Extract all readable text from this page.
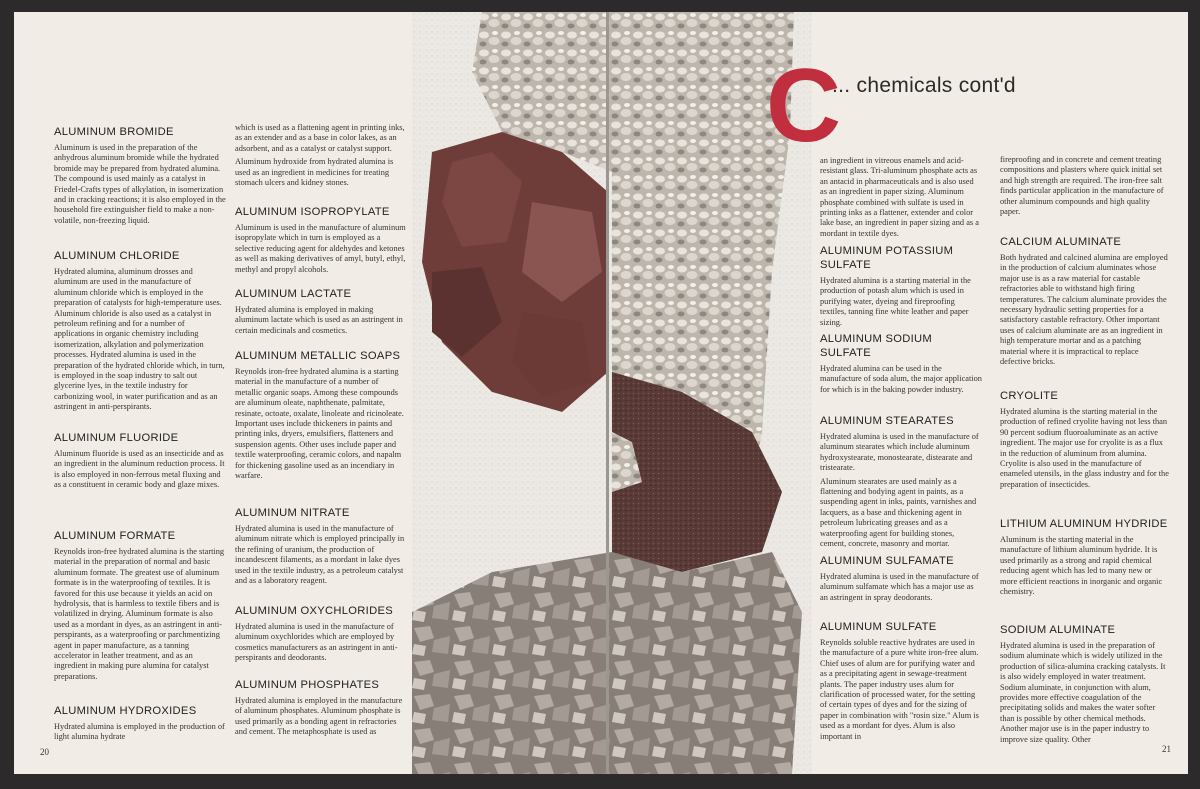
ALUMINUM BROMIDE

Aluminum is used in the preparation of the anhydrous aluminum bromide while the hydrated bromide may be prepared from hydrated alumina. The compound is used mainly as a catalyst in Friedel-Crafts types of alkylation, in isomerization and in cracking reactions; it is also employed in the household fire extinguisher field to make a non-volatile, non-freezing liquid.

ALUMINUM CHLORIDE

Hydrated alumina, aluminum drosses and aluminum are used in the manufacture of aluminum chloride which is employed in the preparation of catalysts for high-temperature uses. Aluminum chloride is also used as a catalyst in petroleum refining and for a number of applications in organic chemistry including isomerization, alkylation and polymerization processes. Hydrated alumina is used in the preparation of the hydrated chloride which, in turn, is employed in the soap industry to salt out glycerine lyes, in the textile industry for carbonizing wool, in water purification and as an astringent in anti-perspirants.

ALUMINUM FLUORIDE

Aluminum fluoride is used as an insecticide and as an ingredient in the aluminum reduction process. It is also employed in non-ferrous metal fluxing and as a constituent in ceramic body and glaze mixes.

ALUMINUM FORMATE

Reynolds iron-free hydrated alumina is the starting material in the preparation of normal and basic aluminum formate. The greatest use of aluminum formate is in the waterproofing of textiles. It is favored for this use because it yields an acid on hydrolysis, that is harmless to textile fibers and is volatilized in drying. Aluminum formate is also used as a mordant in dyes, as an astringent in anti-perspirants, as a waterproofing or parchmentizing agent in paper manufacture, as a tanning accelerator in leather treatment, and as an ingredient in making pure alumina for catalyst preparations.

ALUMINUM HYDROXIDES

Hydrated alumina is employed in the production of light alumina hydrate

which is used as a flattening agent in printing inks, as an extender and as a base in color lakes, as an adsorbent, and as a catalyst or catalyst support.

Aluminum hydroxide from hydrated alumina is used as an ingredient in medicines for treating stomach ulcers and kidney stones.

ALUMINUM ISOPROPYLATE

Aluminum is used in the manufacture of aluminum isopropylate which in turn is employed as a selective reducing agent for aldehydes and ketones as well as making derivatives of amyl, butyl, ethyl, methyl and propyl alcohols.

ALUMINUM LACTATE

Hydrated alumina is employed in making aluminum lactate which is used as an astringent in certain medicinals and cosmetics.

ALUMINUM METALLIC SOAPS

Reynolds iron-free hydrated alumina is a starting material in the manufacture of a number of metallic organic soaps. Among these compounds are aluminum oleate, naphthenate, palmitate, resinate, octoate, oxalate, linoleate and ricinoleate. Important uses include thickeners in paints and printing inks, dryers, emulsifiers, flatteners and suspension agents. Other uses include paper and textile waterproofing, ceramic colors, and napalm for thickening gasoline used as an incendiary in warfare.

ALUMINUM NITRATE

Hydrated alumina is used in the manufacture of aluminum nitrate which is employed principally in the refining of uranium, the production of incandescent filaments, as a mordant in lake dyes used in the textile industry, as a petroleum catalyst and as a laboratory reagent.

ALUMINUM OXYCHLORIDES

Hydrated alumina is used in the manufacture of aluminum oxychlorides which are employed by cosmetics manufacturers as an astringent in anti-perspirants and deodorants.

ALUMINUM PHOSPHATES

Hydrated alumina is employed in the manufacture of aluminum phosphates. Aluminum phosphate is used primarily as a bonding agent in refractories and cement. The metaphosphate is used as

20
C
... chemicals cont'd

an ingredient in vitreous enamels and acid-resistant glass. Tri-aluminum phosphate acts as an antacid in pharmaceuticals and is also used as an ingredient in paper sizing. Aluminum phosphate combined with sulfate is used in printing inks as a flattener, extender and color lake base, an ingredient in paper sizing and as a mordant in textile dyes.

ALUMINUM POTASSIUM SULFATE

Hydrated alumina is a starting material in the production of potash alum which is used in purifying water, dyeing and fireproofing textiles, tanning fine white leather and paper sizing.

ALUMINUM SODIUM SULFATE

Hydrated alumina can be used in the manufacture of soda alum, the major application for which is in the baking powder industry.

ALUMINUM STEARATES

Hydrated alumina is used in the manufacture of aluminum stearates which include aluminum hydroxystearate, monostearate, distearate and tristearate.

Aluminum stearates are used mainly as a flattening and bodying agent in paints, as a suspending agent in inks, paints, varnishes and lacquers, as a base and thickening agent in petroleum lubricating greases and as a waterproofing agent for building stones, cement, concrete, masonry and mortar.

ALUMINUM SULFAMATE

Hydrated alumina is used in the manufacture of aluminum sulfamate which has a major use as an astringent in spray deodorants.

ALUMINUM SULFATE

Reynolds soluble reactive hydrates are used in the manufacture of a pure white iron-free alum. Chief uses of alum are for purifying water and as a precipitating agent in sewage-treatment plants. The paper industry uses alum for clarification of processed water, for the setting of certain types of dyes and for the sizing of paper in combination with "rosin size." Alum is used as a mordant for dyes. Alum is also important in

fireproofing and in concrete and cement treating compositions and plasters where quick initial set and high strength are required. The iron-free salt finds particular application in the manufacture of other aluminum compounds and high quality paper.

CALCIUM ALUMINATE

Both hydrated and calcined alumina are employed in the production of calcium aluminates whose major use is as a raw material for castable refractories able to withstand high firing temperatures. The calcium aluminate provides the necessary hydraulic setting properties for a satisfactory castable refractory. Other important uses of calcium aluminate are as an ingredient in high temperature mortar and as a patching material where it is impractical to replace defective bricks.

CRYOLITE

Hydrated alumina is the starting material in the production of refined cryolite having not less than 90 percent sodium fluoroaluminate as an active ingredient. The major use for cryolite is as a flux in the reduction of aluminum from alumina. Cryolite is also used in the manufacture of enameled utensils, in the glass industry and for the preparation of insecticides.

LITHIUM ALUMINUM HYDRIDE

Aluminum is the starting material in the manufacture of lithium aluminum hydride. It is used primarily as a strong and rapid chemical reducing agent which has led to many new or more efficient reactions in inorganic and organic chemistry.

SODIUM ALUMINATE

Hydrated alumina is used in the preparation of sodium aluminate which is widely utilized in the production of silica-alumina cracking catalysts. It is also widely employed in water treatment. Sodium aluminate, in conjunction with alum, provides more effective coagulation of the precipitating solids and makes the water softer than is possible by other chemical methods. Another major use is in the paper industry to improve size quality. Other

21
